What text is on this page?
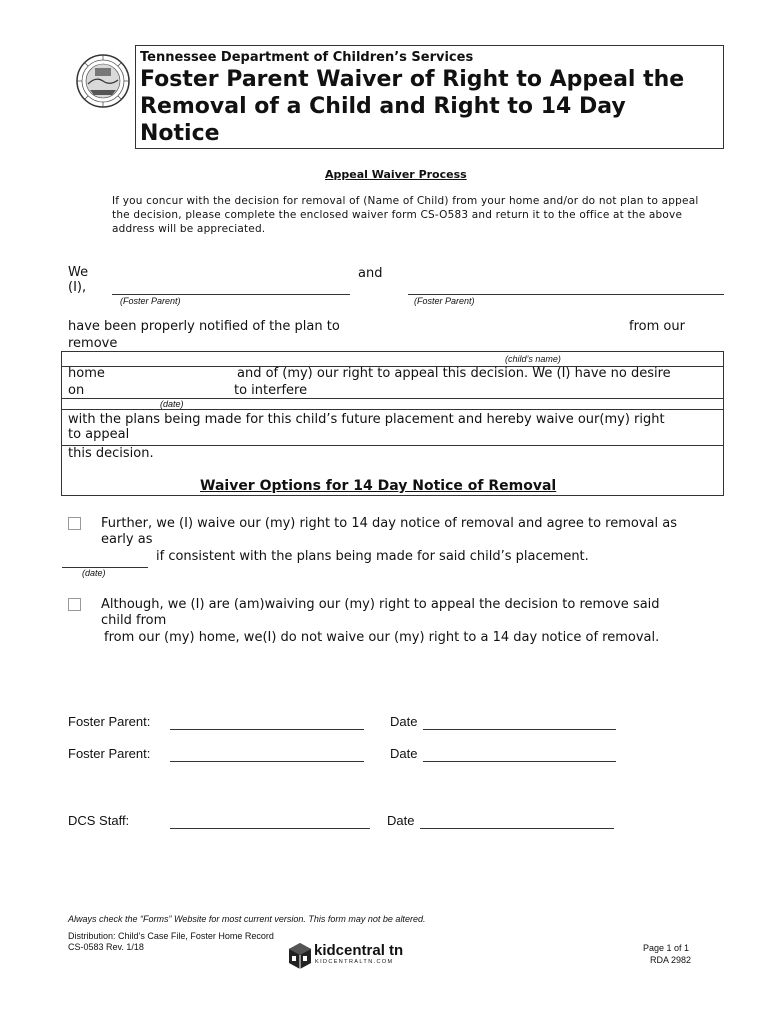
Tennessee Department of Children’s Services
Foster Parent Waiver of Right to Appeal the
Removal of a Child and Right to 14 Day
Notice
Appeal Waiver Process
If you concur with the decision for removal of (Name of Child) from your home and/or do not plan to appeal
the decision, please complete the enclosed waiver form CS-O583 and return it to the office at the above
address will be appreciated.
We
(I),
and
(Foster Parent)	(Foster Parent)
have been properly notified of the plan to
remove
from our
(child’s name)
home
on
and of (my) our right to appeal this decision. We (I) have no desire
to interfere
(date)
with the plans being made for this child’s future placement and hereby waive our(my) right
to appeal
this decision.
Waiver Options for 14 Day Notice of Removal
Further, we (I) waive our (my) right to 14 day notice of removal and agree to removal as
early as
if consistent with the plans being made for said child’s placement.
(date)
Although, we (I) are (am)waiving our (my) right to appeal the decision to remove said
child from
from our (my) home, we(I) do not waive our (my) right to a 14 day notice of removal.
Foster Parent:	Date
Foster Parent:	Date
DCS Staff:	Date
Always check the “Forms” Website for most current version. This form may not be altered.
Distribution: Child’s Case File, Foster Home Record
CS-0583 Rev. 1/18	kidcentral tn
KIDCENTRALTN.COM
Page 1 of 1
RDA 2982
